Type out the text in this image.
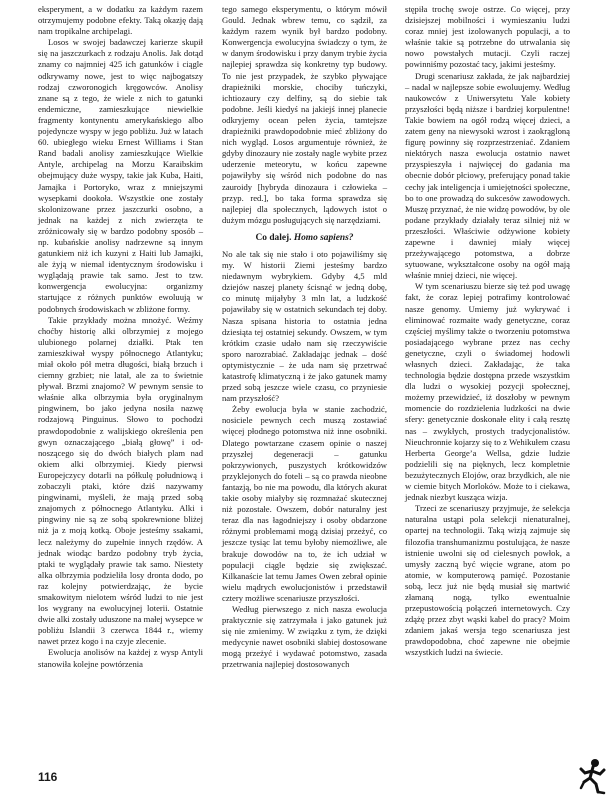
eksperyment, a w dodatku za każdym razem otrzymujemy podobne efekty. Taką okazję dają nam tropikalne archipelagi.

Losos w swojej badawczej karierze skupił się na jaszczurkach z rodzaju Anolis. Jak dotąd znamy co najmniej 425 ich gatunków i ciągle odkrywamy nowe, jest to więc najbogatszy rodzaj czworonogich kręgowców. Anolisy znane są z tego, że wiele z nich to gatunki endemiczne, zamieszkujące niewielkie fragmenty kontynentu amerykańskiego albo pojedyncze wyspy w jego pobliżu. Już w latach 60. ubiegłego wieku Ernest Williams i Stan Rand badali anolisy zamieszkujące Wielkie Antyle, archipelag na Morzu Karaibskim obejmujący duże wyspy, takie jak Kuba, Haiti, Jamajka i Portoryko, wraz z mniejszymi wysepkami dookoła. Wszystkie one zostały skolonizowane przez jaszczurki osobno, a jednak na każdej z nich zwierzęta te zróżnicowały się w bardzo podobny sposób – np. kubańskie anolisy nadrzewne są innym gatunkiem niż ich kuzyni z Haiti lub Jamajki, ale żyją w niemal identycznym środowisku i wyglądają prawie tak samo. Jest to tzw. konwergencja ewolucyjna: organizmy startujące z różnych punktów ewoluują w podobnych środowiskach w zbliżone formy.

Takie przykłady można mnożyć. Weźmy choćby historię alki olbrzymiej z mojego ulubionego polarnej działki. Ptak ten zamieszkiwał wyspy północnego Atlantyku; miał około pół metra długości, białą brzuch i ciemny grzbiet; nie latał, ale za to świetnie pływał. Brzmi znajomo? W pewnym sensie to właśnie alka olbrzymia była oryginalnym pingwinem, bo jako jedyna nosiła nazwę rodzajową Pinguinus. Słowo to pochodzi prawdopodobnie z walijskiego określenia pen gwyn oznaczającego „białą głowę” i od-noszącego się do dwóch białych plam nad okiem alki olbrzymiej. Kiedy pierwsi Europejczycy dotarli na półkulę południową i zobaczyli ptaki, które dziś nazywamy pingwinami, myśleli, że mają przed sobą znajomych z północnego Atlantyku. Alki i pingwiny nie są ze sobą spokrewnione bliżej niż ja z moją kotką. Oboje jesteśmy ssakami, lecz należymy do zupełnie innych rzędów. A jednak wiodąc bardzo podobny tryb życia, ptaki te wyglądały prawie tak samo. Niestety alka olbrzymia podzieliła losy dronta dodo, po raz kolejny potwierdzając, że bycie smakowitym nielotem wśród ludzi to nie jest los wygrany na ewolucyjnej loterii. Ostatnie dwie alki zostały uduszone na małej wysepce w pobliżu Islandii 3 czerwca 1844 r., wiemy nawet przez kogo i na czyje zlecenie.

Ewolucja anolisów na każdej z wysp Antyli stanowiła kolejne powtórzenia

tego samego eksperymentu, o którym mówił Gould. Jednak wbrew temu, co sądził, za każdym razem wynik był bardzo podobny. Konwergencja ewolucyjna świadczy o tym, że w danym środowisku i przy danym trybie życia najlepiej sprawdza się konkretny typ budowy. To nie jest przypadek, że szybko pływające drapieżniki morskie, chociby tuńczyki, ichtiozaury czy delfiny, są do siebie tak podobne. Jeśli kiedyś na jakiejś innej planecie odkryjemy ocean pełen życia, tamtejsze drapieżniki prawdopodobnie mieć zbliżony do nich wygląd. Losos argumentuje również, że gdyby dinozaury nie zostały nagle wybite przez uderzenie meteorytu, w końcu zapewne pojawiłyby się wśród nich podobne do nas zauroidy [hybryda dinozaura i człowieka – przyp. red.], bo taka forma sprawdza się najlepiej dla społecznych, lądowych istot o dużym mózgu posługujących się narzędziami.

Co dalej. Homo sapiens?

No ale tak się nie stało i oto pojawiliśmy się my. W historii Ziemi jesteśmy bardzo niedawnym wybrykiem. Gdyby 4,5 mld dziejów naszej planety ścisnąć w jedną dobę, co minutę mijałyby 3 mln lat, a ludzkość pojawiłaby się w ostatnich sekundach tej doby. Nasza spisana historia to ostatnia jedna dziesiąta tej ostatniej sekundy. Owszem, w tym krótkim czasie udało nam się rzeczywiście sporo narozrabiać. Zakładając jednak – dość optymistycznie – że uda nam się przetrwać katastrofę klimatyczną i że jako gatunek mamy przed sobą jeszcze wiele czasu, co przyniesie nam przyszłość?

Żeby ewolucja była w stanie zachodzić, nosiciele pewnych cech muszą zostawiać więcej płodnego potomstwa niż inne osobniki. Dlatego powtarzane czasem opinie o naszej przyszłej degeneracji – gatunku pokrzywionych, puszystych krótkowidzów przyklejonych do foteli – są co prawda nieobne fantazją, bo nie ma powodu, dla których akurat takie osoby miałyby się rozmnażać skutecznej niż pozostałe. Owszem, dobór naturalny jest teraz dla nas łagodniejszy i osoby obdarzone różnymi problemami mogą dzisiaj przeżyć, co jeszcze tysiąc lat temu byłoby niemożliwe, ale brakuje dowodów na to, że ich udział w populacji ciągle będzie się zwiększać. Kilkanaście lat temu James Owen zebrał opinie wielu mądrych ewolucjonistów i przedstawił cztery możliwe scenariusze przyszłości.

Według pierwszego z nich nasza ewolucja praktycznie się zatrzymała i jako gatunek już się nie zmienimy. W związku z tym, że dzięki medycynie nawet osobniki słabiej dostosowane mogą przeżyć i wydawać potomstwo, zasada przetrwania najlepiej dostosowanych

stępiła trochę swoje ostrze. Co więcej, przy dzisiejszej mobilności i wymieszaniu ludzi coraz mniej jest izolowanych populacji, a to właśnie takie są potrzebne do utrwalania się nowo powstałych mutacji. Czyli raczej powinniśmy pozostać tacy, jakimi jesteśmy.

Drugi scenariusz zakłada, że jak najbardziej – nadal w najlepsze sobie ewoluujemy. Według naukowców z Uniwersytetu Yale kobiety przyszłości będą niższe i bardziej korpulentne! Takie bowiem na ogół rodzą więcej dzieci, a zatem geny na niewysoki wzrost i zaokrągloną figurę powinny się rozprzestrzeniać. Zdaniem niektórych nasza ewolucja ostatnio nawet przyspieszyła i najwięcej do gadania ma obecnie dobór płciowy, preferujący ponad takie cechy jak inteligencja i umiejętności społeczne, bo to one prowadzą do sukcesów zawodowych. Muszę przyznać, że nie widzę powodów, by ole podane przykłady działały teraz silniej niż w przeszłości. Właściwie odżywione kobiety zapewne i dawniej miały więcej przeżywającego potomstwa, a dobrze sytuowane, wykształcone osoby na ogół mają właśnie mniej dzieci, nie więcej.

W tym scenariuszu bierze się też pod uwagę fakt, że coraz lepiej potrafimy kontrolować nasze genomy. Umiemy już wykrywać i eliminować rozmaite wady genetyczne, coraz częściej myślimy także o tworzeniu potomstwa posiadającego wybrane przez nas cechy genetyczne, czyli o świadomej hodowli własnych dzieci. Zakładając, że taka technologia będzie dostępna przede wszystkim dla ludzi o wysokiej pozycji społecznej, możemy przewidzieć, iż doszłoby w pewnym momencie do rozdzielenia ludzkości na dwie sfery: genetycznie doskonałe elity i całą resztę nas – zwykłych, prostych tradycjonalistów. Nieuchronnie kojarzy się to z Wehikułem czasu Herberta George’a Wellsa, gdzie ludzie podzielili się na pięknych, lecz kompletnie bezużytecznych Elojów, oraz brzydkich, ale nie w ciemie bitych Morloków. Może to i ciekawa, jednak niezbyt kusząca wizja.

Trzeci ze scenariuszy przyjmuje, że selekcja naturalna ustąpi pola selekcji nienaturalnej, opartej na technologii. Taką wizją zajmuje się filozofia transhumanizmu postulująca, że nasze istnienie uwolni się od cielesnych powłok, a umysły zaczną być więcie wgrane, atom po atomie, w komputerową pamięć. Pozostanie sobą, lecz już nie będą musiał się martwić złamaną nogą, tylko ewentualnie przepustowością połączeń internetowych. Czy zdążę przez zbyt wąski kabel do pracy? Moim zdaniem jakaś wersja tego scenariusza jest prawdopodobna, choć zapewne nie obejmie wszystkich ludzi na świecie.

116
